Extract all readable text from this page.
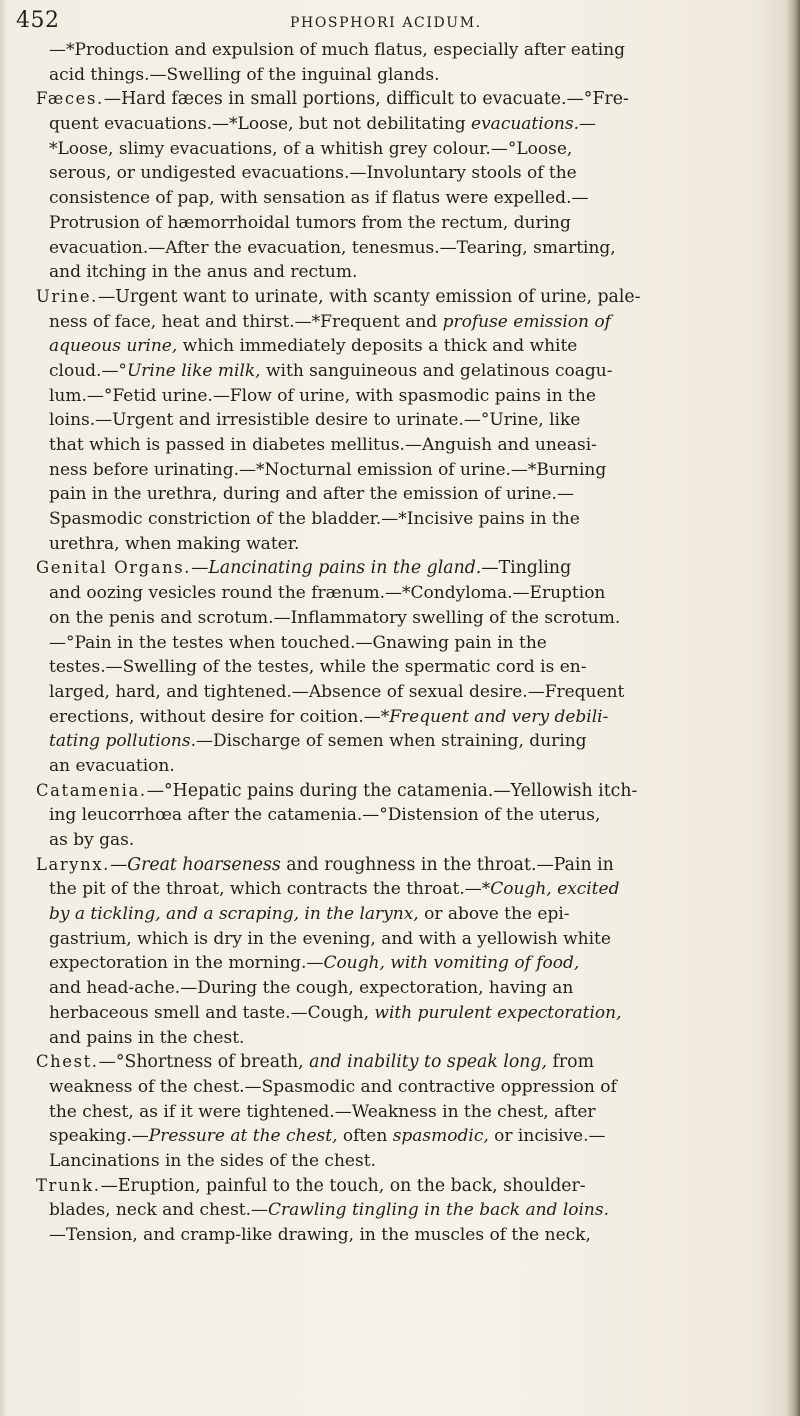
452	PHOSPHORI ACIDUM.
—*Production and expulsion of much flatus, especially after eating
acid things.—Swelling of the inguinal glands.
Fæces.—Hard fæces in small portions, difficult to evacuate.—°Fre-
quent evacuations.—*Loose, but not debilitating evacuations.—
*Loose, slimy evacuations, of a whitish grey colour.—°Loose,
serous, or undigested evacuations.—Involuntary stools of the
consistence of pap, with sensation as if flatus were expelled.—
Protrusion of hæmorrhoidal tumors from the rectum, during
evacuation.—After the evacuation, tenesmus.—Tearing, smarting,
and itching in the anus and rectum.
Urine.—Urgent want to urinate, with scanty emission of urine, pale-
ness of face, heat and thirst.—*Frequent and profuse emission of
aqueous urine, which immediately deposits a thick and white
cloud.—°Urine like milk, with sanguineous and gelatinous coagu-
lum.—°Fetid urine.—Flow of urine, with spasmodic pains in the
loins.—Urgent and irresistible desire to urinate.—°Urine, like
that which is passed in diabetes mellitus.—Anguish and uneasi-
ness before urinating.—*Nocturnal emission of urine.—*Burning
pain in the urethra, during and after the emission of urine.—
Spasmodic constriction of the bladder.—*Incisive pains in the
urethra, when making water.
Genital Organs.—Lancinating pains in the gland.—Tingling
and oozing vesicles round the frænum.—*Condyloma.—Eruption
on the penis and scrotum.—Inflammatory swelling of the scrotum.
—°Pain in the testes when touched.—Gnawing pain in the
testes.—Swelling of the testes, while the spermatic cord is en-
larged, hard, and tightened.—Absence of sexual desire.—Frequent
erections, without desire for coition.—*Frequent and very debili-
tating pollutions.—Discharge of semen when straining, during
an evacuation.
Catamenia.—°Hepatic pains during the catamenia.—Yellowish itch-
ing leucorrhœa after the catamenia.—°Distension of the uterus,
as by gas.
Larynx.—Great hoarseness and roughness in the throat.—Pain in
the pit of the throat, which contracts the throat.—*Cough, excited
by a tickling, and a scraping, in the larynx, or above the epi-
gastrium, which is dry in the evening, and with a yellowish white
expectoration in the morning.—Cough, with vomiting of food,
and head-ache.—During the cough, expectoration, having an
herbaceous smell and taste.—Cough, with purulent expectoration,
and pains in the chest.
Chest.—°Shortness of breath, and inability to speak long, from
weakness of the chest.—Spasmodic and contractive oppression of
the chest, as if it were tightened.—Weakness in the chest, after
speaking.—Pressure at the chest, often spasmodic, or incisive.—
Lancinations in the sides of the chest.
Trunk.—Eruption, painful to the touch, on the back, shoulder-
blades, neck and chest.—Crawling tingling in the back and loins.
—Tension, and cramp-like drawing, in the muscles of the neck,
